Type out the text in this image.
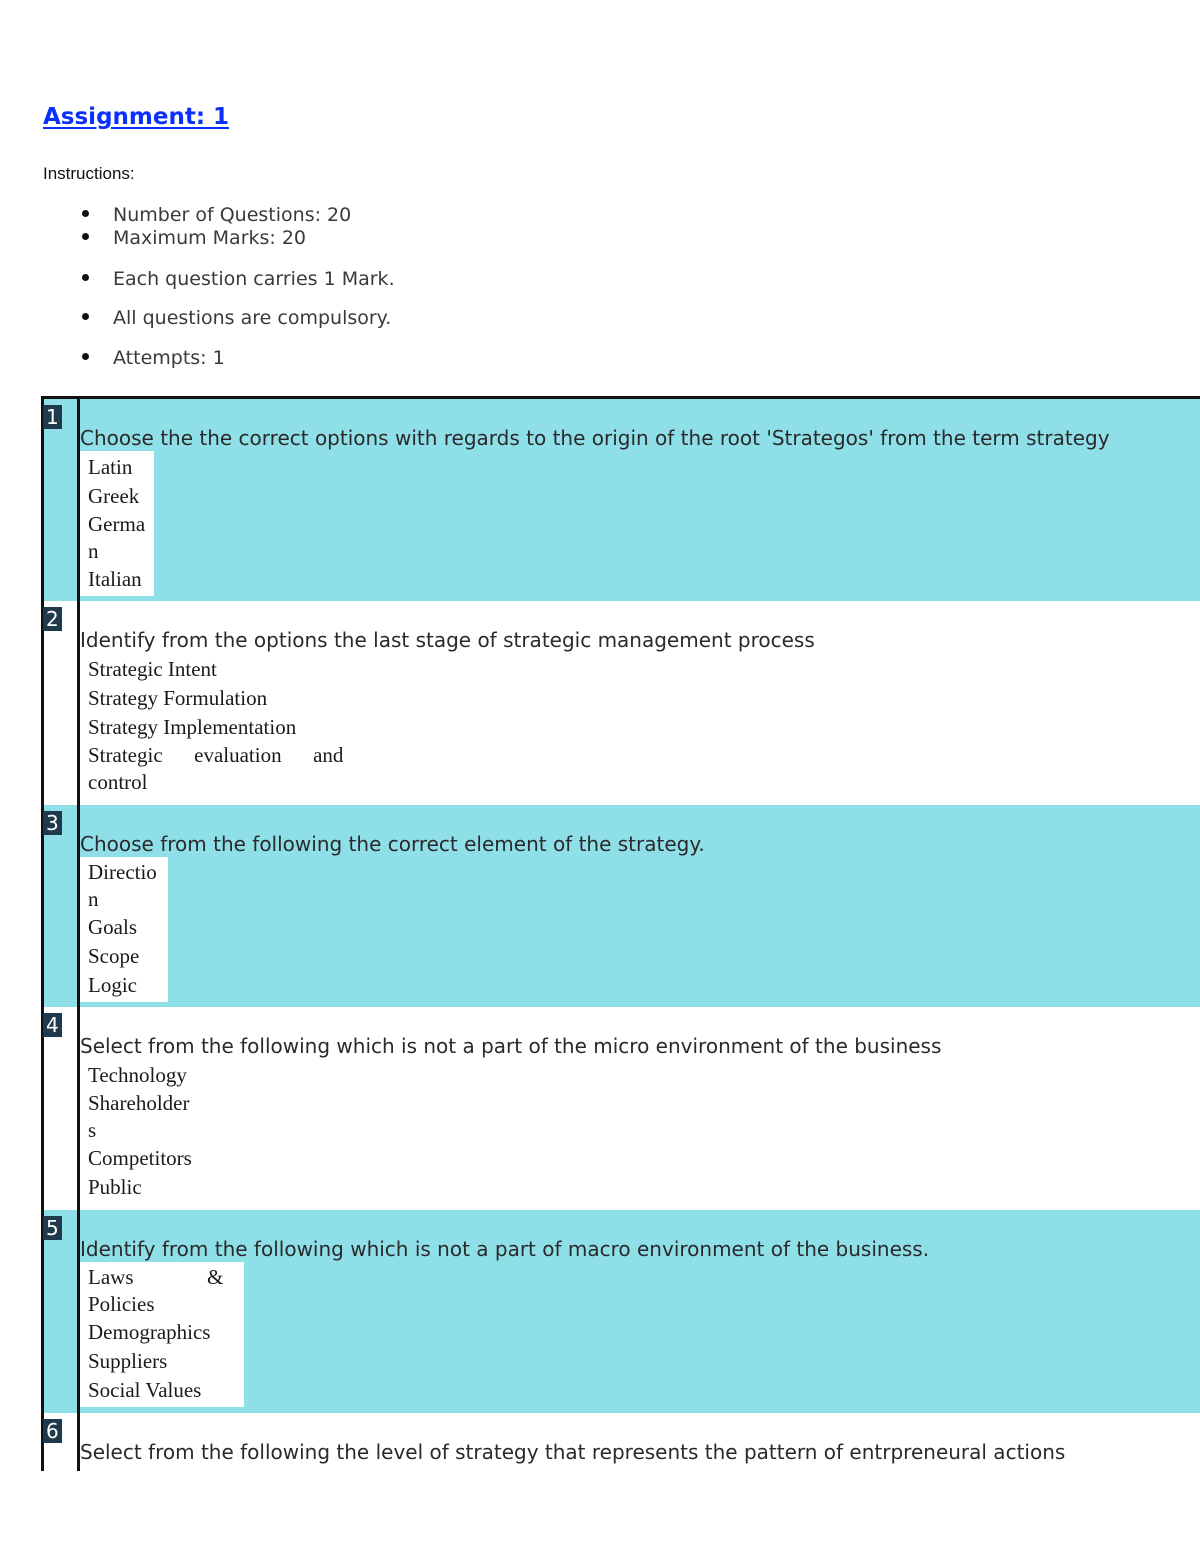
Assignment: 1
Instructions:
Number of Questions: 20
Maximum Marks: 20
Each question carries 1 Mark.
All questions are compulsory.
Attempts: 1
1
Choose the the correct options with regards to the origin of the root 'Strategos' from the term strategy
Latin
Greek
Germa
n
Italian
2
Identify from the options the last stage of strategic management process
Strategic Intent
Strategy Formulation
Strategy Implementation
Strategic      evaluation      and
control
3
Choose from the following the correct element of the strategy.
Directio
n
Goals
Scope
Logic
4
Select from the following which is not a part of the micro environment of the business
Technology
Shareholder
s
Competitors
Public
5
Identify from the following which is not a part of macro environment of the business.
Laws              &
Policies
Demographics
Suppliers
Social Values
6
Select from the following the level of strategy that represents the pattern of entrpreneural actions
